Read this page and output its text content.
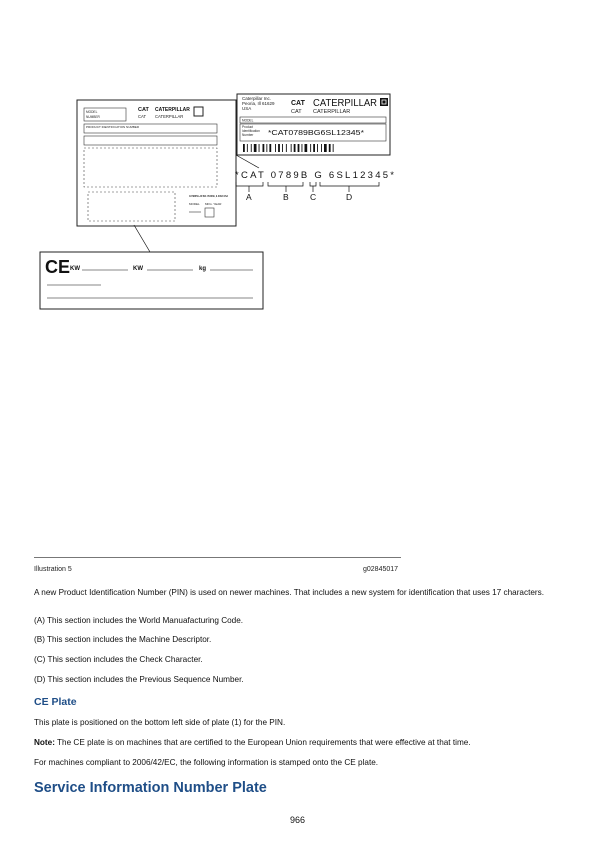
MODEL
NUMBER
CAT CATERPILLAR
CAT CATERPILLAR
PRODUCT IDENTIFICATION NUMBER
CATERPILLAR INC. PEORIA, IL 61629 USA
MODEL MFG. YEAR
Caterpillar Inc.
Peoria, Ill 61629
USA
CAT CATERPILLAR
CAT CATERPILLAR
MODEL
Product
Identification
Number *CAT0789BG6SL12345*
*CAT 0789B G 6SL12345*
A	B	C	D
CE KW	KW	kg
Illustration 5	g02845017
A new Product Identification Number (PIN) is used on newer machines. That includes a new system for identification that uses 17 characters.
(A) This section includes the World Manuafacturing Code.
(B) This section includes the Machine Descriptor.
(C) This section includes the Check Character.
(D) This section includes the Previous Sequence Number.
CE Plate
This plate is positioned on the bottom left side of plate (1) for the PIN.
Note: The CE plate is on machines that are certified to the European Union requirements that were effective at that time.
For machines compliant to 2006/42/EC, the following information is stamped onto the CE plate.
Service Information Number Plate
966
